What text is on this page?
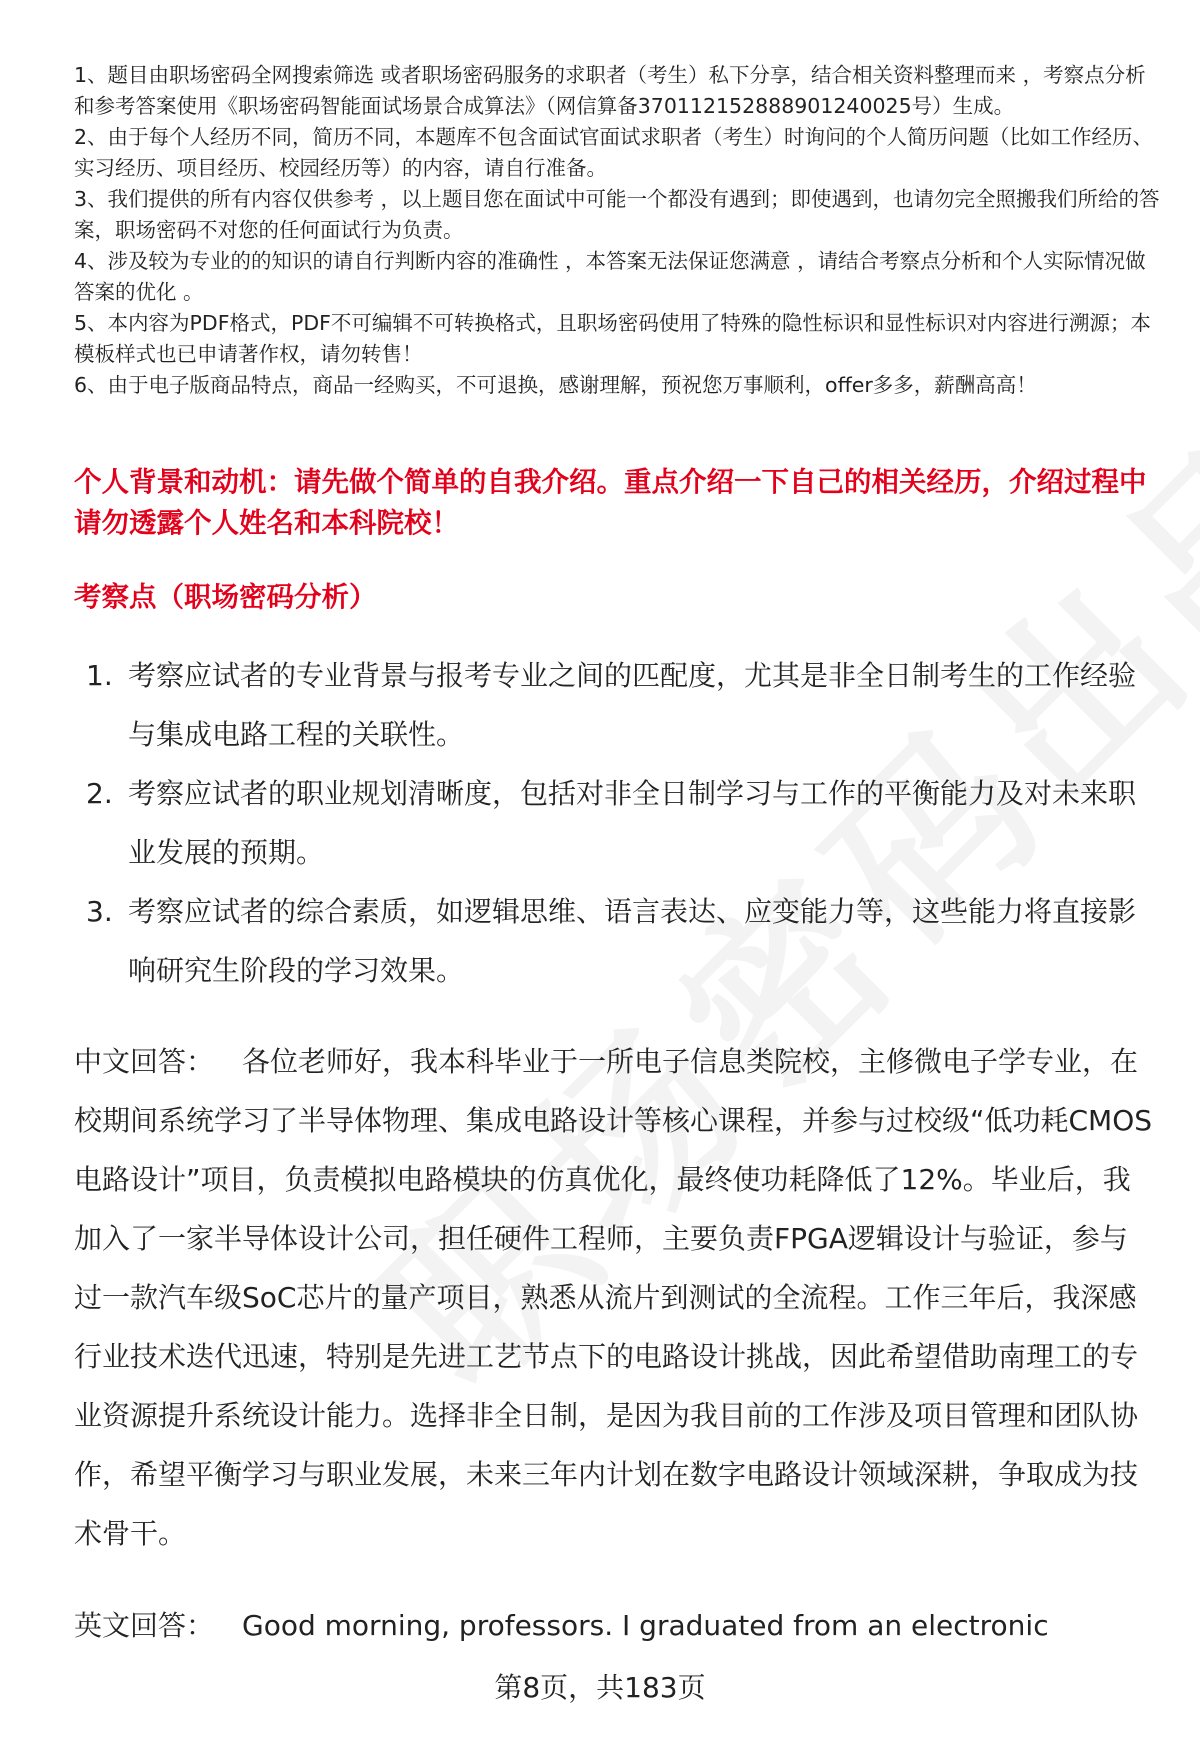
1、题目由职场密码全网搜索筛选 或者职场密码服务的求职者（考生）私下分享，结合相关资料整理而来 ，考察点分析和参考答案使用《职场密码智能面试场景合成算法》（网信算备370112152888901240025号）生成。

2、由于每个人经历不同，简历不同，本题库不包含面试官面试求职者（考生）时询问的个人简历问题（比如工作经历、实习经历、项目经历、校园经历等）的内容，请自行准备。

3、我们提供的所有内容仅供参考 ，以上题目您在面试中可能一个都没有遇到；即使遇到，也请勿完全照搬我们所给的答案，职场密码不对您的任何面试行为负责。

4、涉及较为专业的的知识的请自行判断内容的准确性 ，本答案无法保证您满意 ，请结合考察点分析和个人实际情况做答案的优化 。

5、本内容为PDF格式，PDF不可编辑不可转换格式，且职场密码使用了特殊的隐性标识和显性标识对内容进行溯源；本模板样式也已申请著作权，请勿转售！

6、由于电子版商品特点，商品一经购买，不可退换，感谢理解，预祝您万事顺利，offer多多，薪酬高高！

个人背景和动机：请先做个简单的自我介绍。重点介绍一下自己的相关经历，介绍过程中请勿透露个人姓名和本科院校！
考察点（职场密码分析）
1. 考察应试者的专业背景与报考专业之间的匹配度，尤其是非全日制考生的工作经验与集成电路工程的关联性。
2. 考察应试者的职业规划清晰度，包括对非全日制学习与工作的平衡能力及对未来职业发展的预期。
3. 考察应试者的综合素质，如逻辑思维、语言表达、应变能力等，这些能力将直接影响研究生阶段的学习效果。

中文回答： 各位老师好，我本科毕业于一所电子信息类院校，主修微电子学专业，在校期间系统学习了半导体物理、集成电路设计等核心课程，并参与过校级“低功耗CMOS电路设计”项目，负责模拟电路模块的仿真优化，最终使功耗降低了12%。毕业后，我加入了一家半导体设计公司，担任硬件工程师，主要负责FPGA逻辑设计与验证，参与过一款汽车级SoC芯片的量产项目，熟悉从流片到测试的全流程。工作三年后，我深感行业技术迭代迅速，特别是先进工艺节点下的电路设计挑战，因此希望借助南理工的专业资源提升系统设计能力。选择非全日制，是因为我目前的工作涉及项目管理和团队协作，希望平衡学习与职业发展，未来三年内计划在数字电路设计领域深耕，争取成为技术骨干。

英文回答： Good morning, professors. I graduated from an electronic

第8页，共183页
